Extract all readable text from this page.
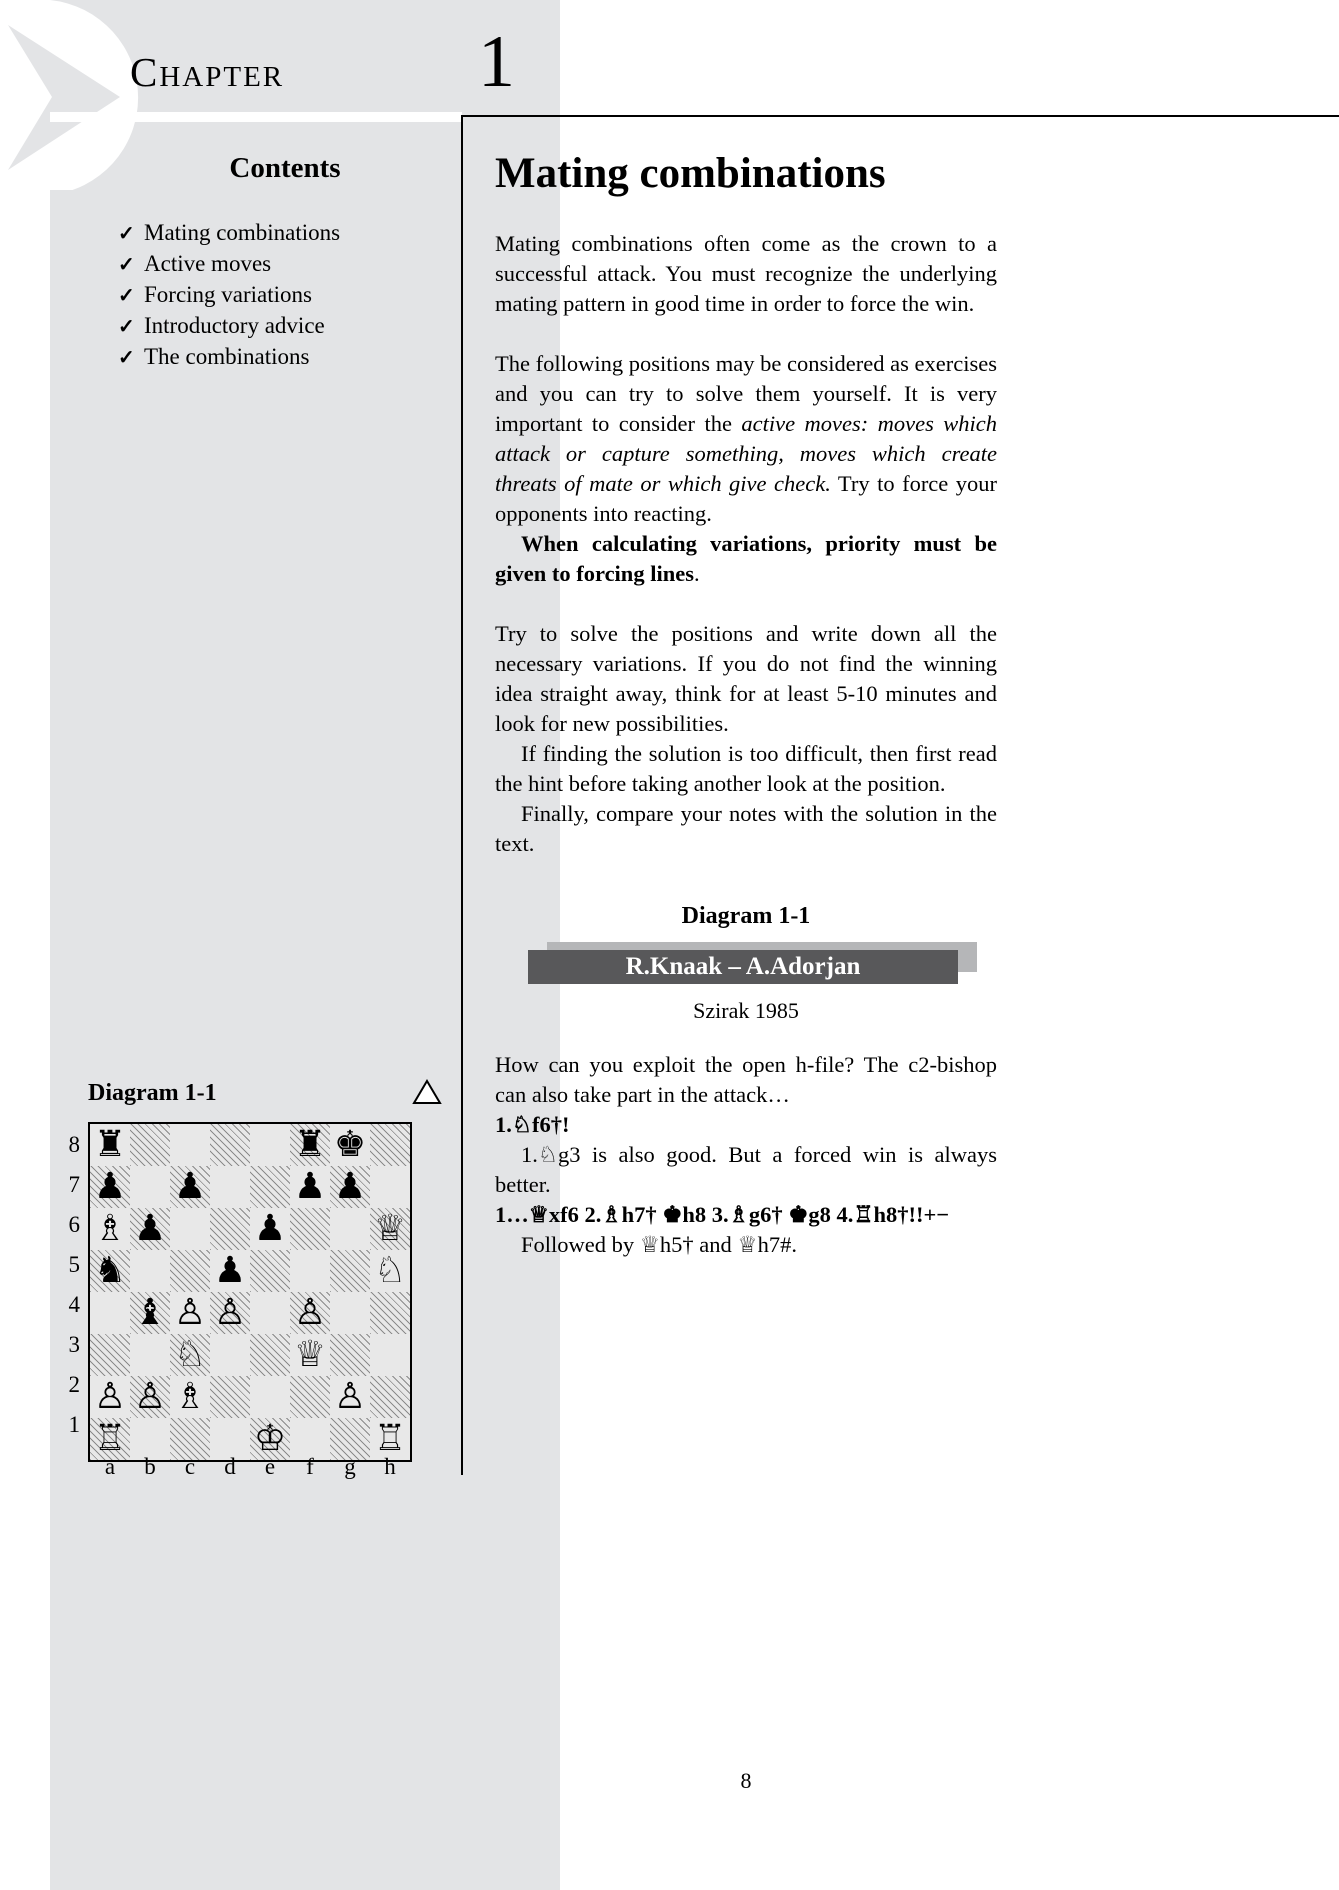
Chapter	1
Contents
✓ Mating combinations
✓ Active moves
✓ Forcing variations
✓ Introductory advice
✓ The combinations
Diagram 1-1
♜					♜	♚	
♟		♟			♟	♟	
♗	♟			♟			♕
♞			♟				♘
	♝	♙	♙		♙		
		♘			♕		
♙	♙	♗				♙	
♖				♔			♖
8
7
6
5
4
3
2
1
a	b	c	d	e	f	g	h
Mating combinations

Mating combinations often come as the crown to a successful attack. You must recognize the underlying mating pattern in good time in order to force the win.

The following positions may be considered as exercises and you can try to solve them yourself. It is very important to consider the active moves: moves which attack or capture something, moves which create threats of mate or which give check. Try to force your opponents into reacting.

When calculating variations, priority must be given to forcing lines.

Try to solve the positions and write down all the necessary variations. If you do not find the winning idea straight away, think for at least 5-10 minutes and look for new possibilities.

If finding the solution is too difficult, then first read the hint before taking another look at the position.

Finally, compare your notes with the solution in the text.

Diagram 1-1
R.Knaak – A.Adorjan
Szirak 1985

How can you exploit the open h-file? The c2-bishop can also take part in the attack…

1.♘f6†!

1.♘g3 is also good. But a forced win is always better.

1…♕xf6 2.♗h7† ♚h8 3.♗g6† ♚g8 4.♖h8†!!+−

Followed by ♕h5† and ♕h7#.

8
